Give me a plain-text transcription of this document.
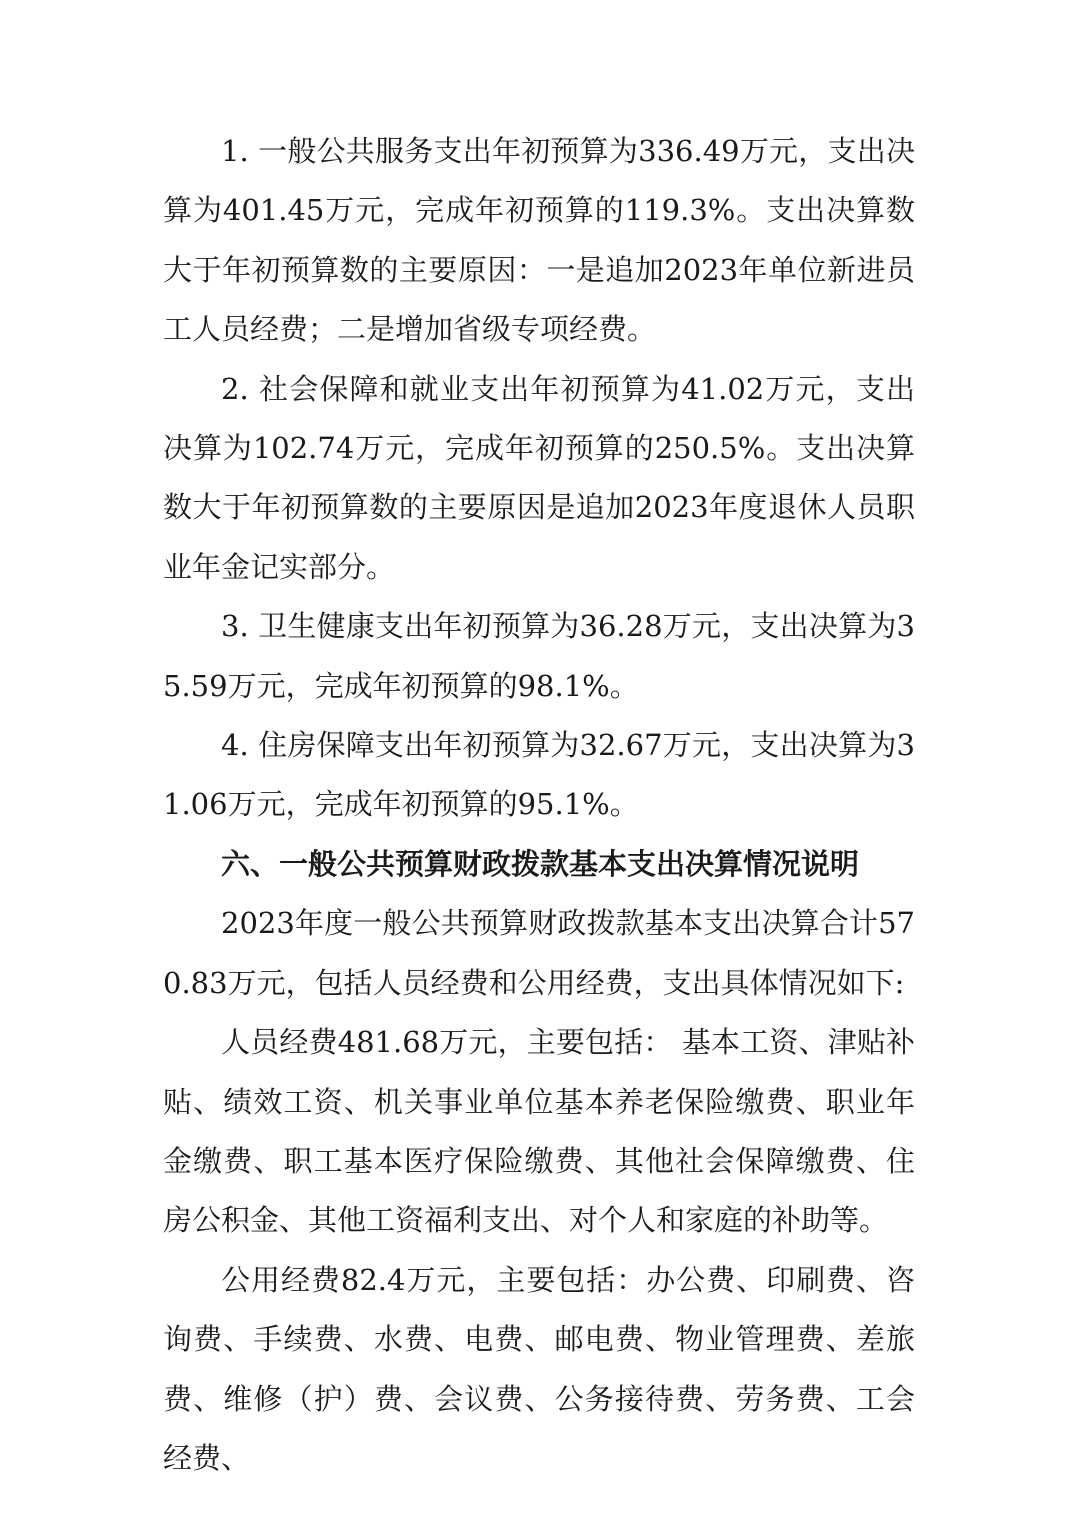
1. 一般公共服务支出年初预算为336.49万元，支出决算为401.45万元，完成年初预算的119.3%。支出决算数大于年初预算数的主要原因：一是追加2023年单位新进员工人员经费；二是增加省级专项经费。

2. 社会保障和就业支出年初预算为41.02万元，支出决算为102.74万元，完成年初预算的250.5%。支出决算数大于年初预算数的主要原因是追加2023年度退休人员职业年金记实部分。

3. 卫生健康支出年初预算为36.28万元，支出决算为35.59万元，完成年初预算的98.1%。

4. 住房保障支出年初预算为32.67万元，支出决算为31.06万元，完成年初预算的95.1%。

六、一般公共预算财政拨款基本支出决算情况说明

2023年度一般公共预算财政拨款基本支出决算合计570.83万元，包括人员经费和公用经费，支出具体情况如下:

人员经费481.68万元，主要包括： 基本工资、津贴补贴、绩效工资、机关事业单位基本养老保险缴费、职业年金缴费、职工基本医疗保险缴费、其他社会保障缴费、住房公积金、其他工资福利支出、对个人和家庭的补助等。

公用经费82.4万元，主要包括：办公费、印刷费、咨询费、手续费、水费、电费、邮电费、物业管理费、差旅费、维修（护）费、会议费、公务接待费、劳务费、工会经费、
